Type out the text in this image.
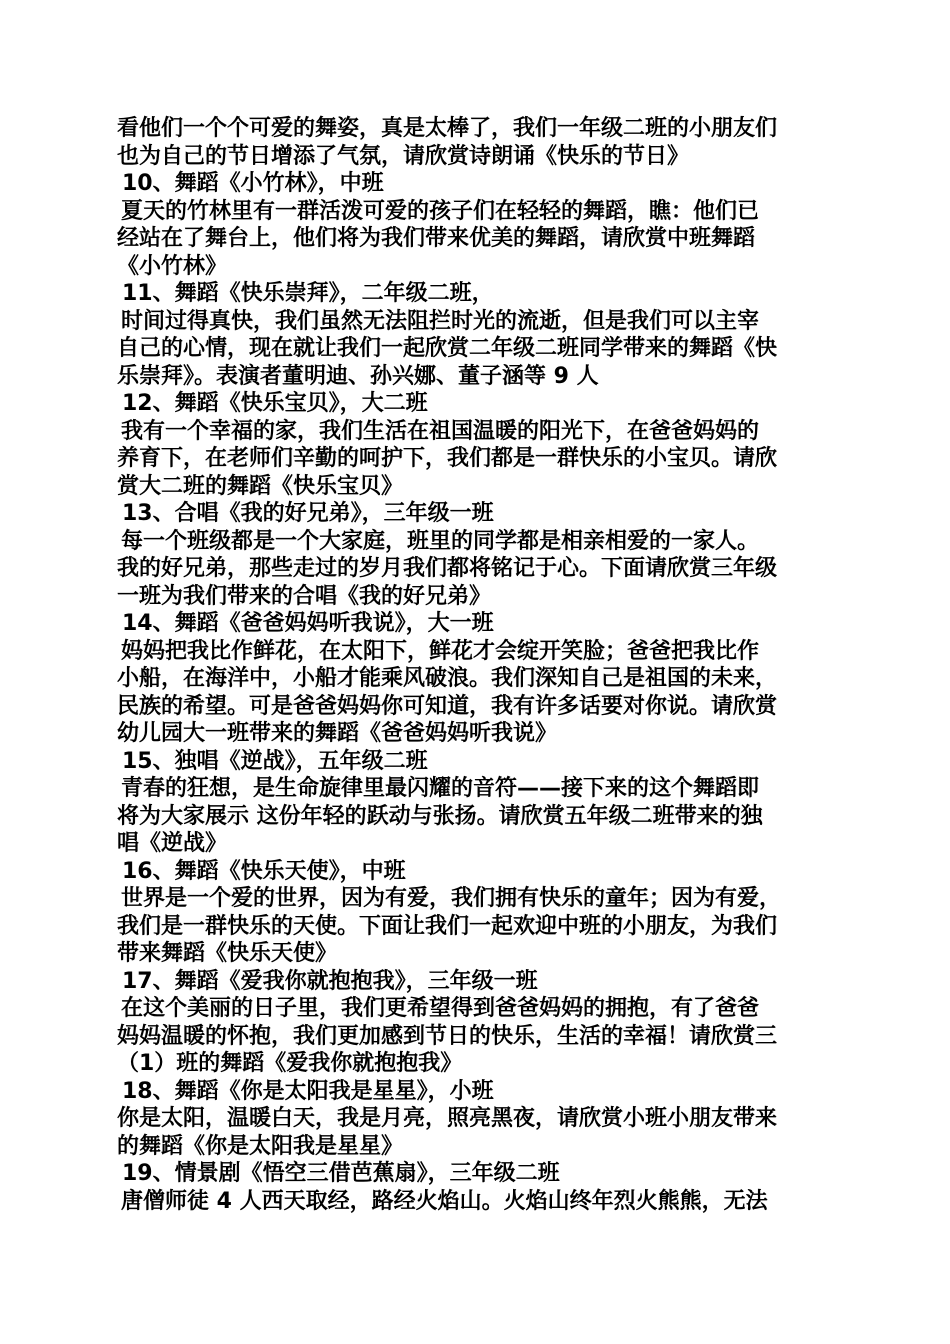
看他们一个个可爱的舞姿，真是太棒了，我们一年级二班的小朋友们
也为自己的节日增添了气氛，请欣赏诗朗诵《快乐的节日》
10、舞蹈《小竹林》，中班
夏天的竹林里有一群活泼可爱的孩子们在轻轻的舞蹈，瞧：他们已
经站在了舞台上，他们将为我们带来优美的舞蹈，请欣赏中班舞蹈
《小竹林》
11、舞蹈《快乐崇拜》，二年级二班，
时间过得真快，我们虽然无法阻拦时光的流逝，但是我们可以主宰
自己的心情，现在就让我们一起欣赏二年级二班同学带来的舞蹈《快
乐崇拜》。表演者董明迪、孙兴娜、董子涵等 9 人
12、舞蹈《快乐宝贝》，大二班
我有一个幸福的家，我们生活在祖国温暖的阳光下，在爸爸妈妈的
养育下，在老师们辛勤的呵护下，我们都是一群快乐的小宝贝。请欣
赏大二班的舞蹈《快乐宝贝》
13、合唱《我的好兄弟》，三年级一班
每一个班级都是一个大家庭，班里的同学都是相亲相爱的一家人。
我的好兄弟，那些走过的岁月我们都将铭记于心。下面请欣赏三年级
一班为我们带来的合唱《我的好兄弟》
14、舞蹈《爸爸妈妈听我说》，大一班
妈妈把我比作鲜花，在太阳下，鲜花才会绽开笑脸；爸爸把我比作
小船，在海洋中，小船才能乘风破浪。我们深知自己是祖国的未来，
民族的希望。可是爸爸妈妈你可知道，我有许多话要对你说。请欣赏
幼儿园大一班带来的舞蹈《爸爸妈妈听我说》
15、独唱《逆战》，五年级二班
青春的狂想，是生命旋律里最闪耀的音符——接下来的这个舞蹈即
将为大家展示 这份年轻的跃动与张扬。请欣赏五年级二班带来的独
唱《逆战》
16、舞蹈《快乐天使》，中班
世界是一个爱的世界，因为有爱，我们拥有快乐的童年；因为有爱，
我们是一群快乐的天使。下面让我们一起欢迎中班的小朋友，为我们
带来舞蹈《快乐天使》
17、舞蹈《爱我你就抱抱我》，三年级一班
在这个美丽的日子里，我们更希望得到爸爸妈妈的拥抱，有了爸爸
妈妈温暖的怀抱，我们更加感到节日的快乐，生活的幸福！请欣赏三
（1）班的舞蹈《爱我你就抱抱我》
18、舞蹈《你是太阳我是星星》，小班
你是太阳，温暖白天，我是月亮，照亮黑夜，请欣赏小班小朋友带来
的舞蹈《你是太阳我是星星》
19、情景剧《悟空三借芭蕉扇》，三年级二班
唐僧师徒 4 人西天取经，路经火焰山。火焰山终年烈火熊熊，无法
